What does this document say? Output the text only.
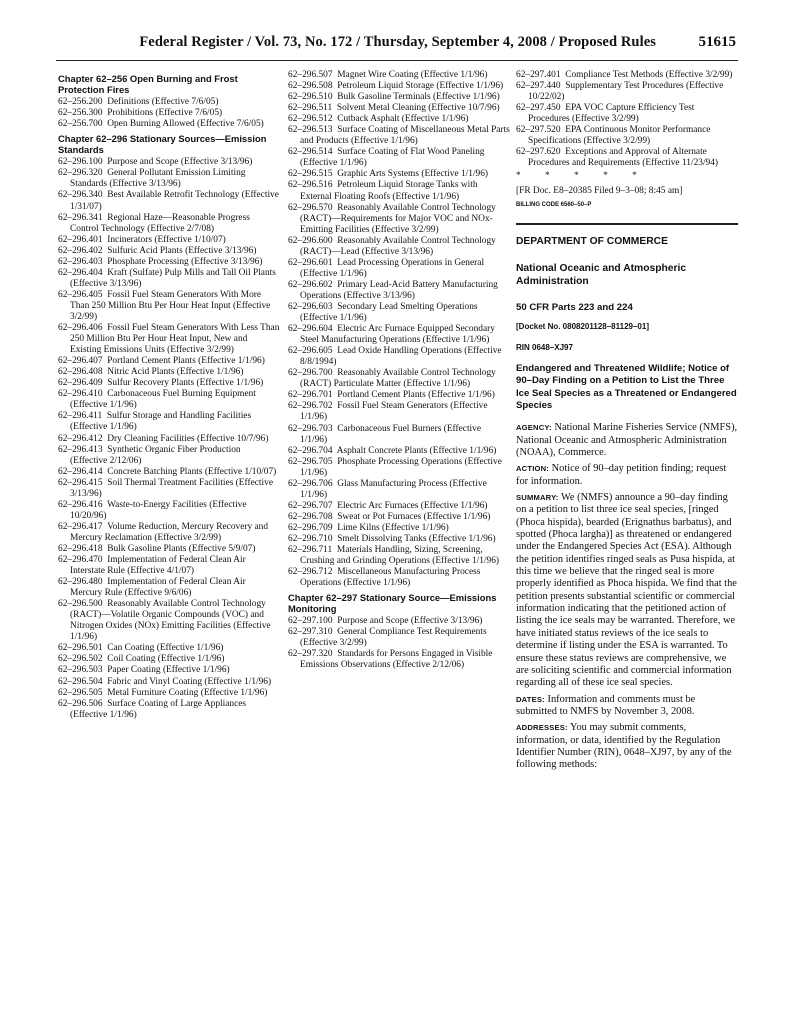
Federal Register / Vol. 73, No. 172 / Thursday, September 4, 2008 / Proposed Rules	51615
Chapter 62–256 Open Burning and Frost Protection Fires

62–256.200 Definitions (Effective 7/6/05)

62–256.300 Prohibitions (Effective 7/6/05)

62–256.700 Open Burning Allowed (Effective 7/6/05)

Chapter 62–296 Stationary Sources—Emission Standards

62–296.100 Purpose and Scope (Effective 3/13/96)

62–296.320 General Pollutant Emission Limiting Standards (Effective 3/13/96)

62–296.340 Best Available Retrofit Technology (Effective 1/31/07)

62–296.341 Regional Haze—Reasonable Progress Control Technology (Effective 2/7/08)

62–296.401 Incinerators (Effective 1/10/07)

62–296.402 Sulfuric Acid Plants (Effective 3/13/96)

62–296.403 Phosphate Processing (Effective 3/13/96)

62–296.404 Kraft (Sulfate) Pulp Mills and Tall Oil Plants (Effective 3/13/96)

62–296.405 Fossil Fuel Steam Generators With More Than 250 Million Btu Per Hour Heat Input (Effective 3/2/99)

62–296.406 Fossil Fuel Steam Generators With Less Than 250 Million Btu Per Hour Heat Input, New and Existing Emissions Units (Effective 3/2/99)

62–296.407 Portland Cement Plants (Effective 1/1/96)

62–296.408 Nitric Acid Plants (Effective 1/1/96)

62–296.409 Sulfur Recovery Plants (Effective 1/1/96)

62–296.410 Carbonaceous Fuel Burning Equipment (Effective 1/1/96)

62–296.411 Sulfur Storage and Handling Facilities (Effective 1/1/96)

62–296.412 Dry Cleaning Facilities (Effective 10/7/96)

62–296.413 Synthetic Organic Fiber Production (Effective 2/12/06)

62–296.414 Concrete Batching Plants (Effective 1/10/07)

62–296.415 Soil Thermal Treatment Facilities (Effective 3/13/96)

62–296.416 Waste-to-Energy Facilities (Effective 10/20/96)

62–296.417 Volume Reduction, Mercury Recovery and Mercury Reclamation (Effective 3/2/99)

62–296.418 Bulk Gasoline Plants (Effective 5/9/07)

62–296.470 Implementation of Federal Clean Air Interstate Rule (Effective 4/1/07)

62–296.480 Implementation of Federal Clean Air Mercury Rule (Effective 9/6/06)

62–296.500 Reasonably Available Control Technology (RACT)—Volatile Organic Compounds (VOC) and Nitrogen Oxides (NOx) Emitting Facilities (Effective 1/1/96)

62–296.501 Can Coating (Effective 1/1/96)

62–296.502 Coil Coating (Effective 1/1/96)

62–296.503 Paper Coating (Effective 1/1/96)

62–296.504 Fabric and Vinyl Coating (Effective 1/1/96)

62–296.505 Metal Furniture Coating (Effective 1/1/96)

62–296.506 Surface Coating of Large Appliances (Effective 1/1/96)

62–296.507 Magnet Wire Coating (Effective 1/1/96)

62–296.508 Petroleum Liquid Storage (Effective 1/1/96)

62–296.510 Bulk Gasoline Terminals (Effective 1/1/96)

62–296.511 Solvent Metal Cleaning (Effective 10/7/96)

62–296.512 Cutback Asphalt (Effective 1/1/96)

62–296.513 Surface Coating of Miscellaneous Metal Parts and Products (Effective 1/1/96)

62–296.514 Surface Coating of Flat Wood Paneling (Effective 1/1/96)

62–296.515 Graphic Arts Systems (Effective 1/1/96)

62–296.516 Petroleum Liquid Storage Tanks with External Floating Roofs (Effective 1/1/96)

62–296.570 Reasonably Available Control Technology (RACT)—Requirements for Major VOC and NOx-Emitting Facilities (Effective 3/2/99)

62–296.600 Reasonably Available Control Technology (RACT)—Lead (Effective 3/13/96)

62–296.601 Lead Processing Operations in General (Effective 1/1/96)

62–296.602 Primary Lead-Acid Battery Manufacturing Operations (Effective 3/13/96)

62–296.603 Secondary Lead Smelting Operations (Effective 1/1/96)

62–296.604 Electric Arc Furnace Equipped Secondary Steel Manufacturing Operations (Effective 1/1/96)

62–296.605 Lead Oxide Handling Operations (Effective 8/8/1994)

62–296.700 Reasonably Available Control Technology (RACT) Particulate Matter (Effective 1/1/96)

62–296.701 Portland Cement Plants (Effective 1/1/96)

62–296.702 Fossil Fuel Steam Generators (Effective 1/1/96)

62–296.703 Carbonaceous Fuel Burners (Effective 1/1/96)

62–296.704 Asphalt Concrete Plants (Effective 1/1/96)

62–296.705 Phosphate Processing Operations (Effective 1/1/96)

62–296.706 Glass Manufacturing Process (Effective 1/1/96)

62–296.707 Electric Arc Furnaces (Effective 1/1/96)

62–296.708 Sweat or Pot Furnaces (Effective 1/1/96)

62–296.709 Lime Kilns (Effective 1/1/96)

62–296.710 Smelt Dissolving Tanks (Effective 1/1/96)

62–296.711 Materials Handling, Sizing, Screening, Crushing and Grinding Operations (Effective 1/1/96)

62–296.712 Miscellaneous Manufacturing Process Operations (Effective 1/1/96)

Chapter 62–297 Stationary Source—Emissions Monitoring

62–297.100 Purpose and Scope (Effective 3/13/96)

62–297.310 General Compliance Test Requirements (Effective 3/2/99)

62–297.320 Standards for Persons Engaged in Visible Emissions Observations (Effective 2/12/06)

62–297.401 Compliance Test Methods (Effective 3/2/99)

62–297.440 Supplementary Test Procedures (Effective 10/22/02)

62–297.450 EPA VOC Capture Efficiency Test Procedures (Effective 3/2/99)

62–297.520 EPA Continuous Monitor Performance Specifications (Effective 3/2/99)

62–297.620 Exceptions and Approval of Alternate Procedures and Requirements (Effective 11/23/94)

* * * * *
[FR Doc. E8–20385 Filed 9–3–08; 8:45 am]
BILLING CODE 6560–50–P
DEPARTMENT OF COMMERCE
National Oceanic and Atmospheric Administration
50 CFR Parts 223 and 224
[Docket No. 0808201128–81129–01]
RIN 0648–XJ97
Endangered and Threatened Wildlife; Notice of 90–Day Finding on a Petition to List the Three Ice Seal Species as a Threatened or Endangered Species

AGENCY: National Marine Fisheries Service (NMFS), National Oceanic and Atmospheric Administration (NOAA), Commerce.

ACTION: Notice of 90–day petition finding; request for information.

SUMMARY: We (NMFS) announce a 90–day finding on a petition to list three ice seal species, [ringed (Phoca hispida), bearded (Erignathus barbatus), and spotted (Phoca largha)] as threatened or endangered under the Endangered Species Act (ESA). Although the petition identifies ringed seals as Pusa hispida, at this time we believe that the ringed seal is more properly identified as Phoca hispida. We find that the petition presents substantial scientific or commercial information indicating that the petitioned action of listing the ice seals may be warranted. Therefore, we have initiated status reviews of the ice seals to determine if listing under the ESA is warranted. To ensure these status reviews are comprehensive, we are soliciting scientific and commercial information regarding all of these ice seal species.

DATES: Information and comments must be submitted to NMFS by November 3, 2008.

ADDRESSES: You may submit comments, information, or data, identified by the Regulation Identifier Number (RIN), 0648–XJ97, by any of the following methods:
